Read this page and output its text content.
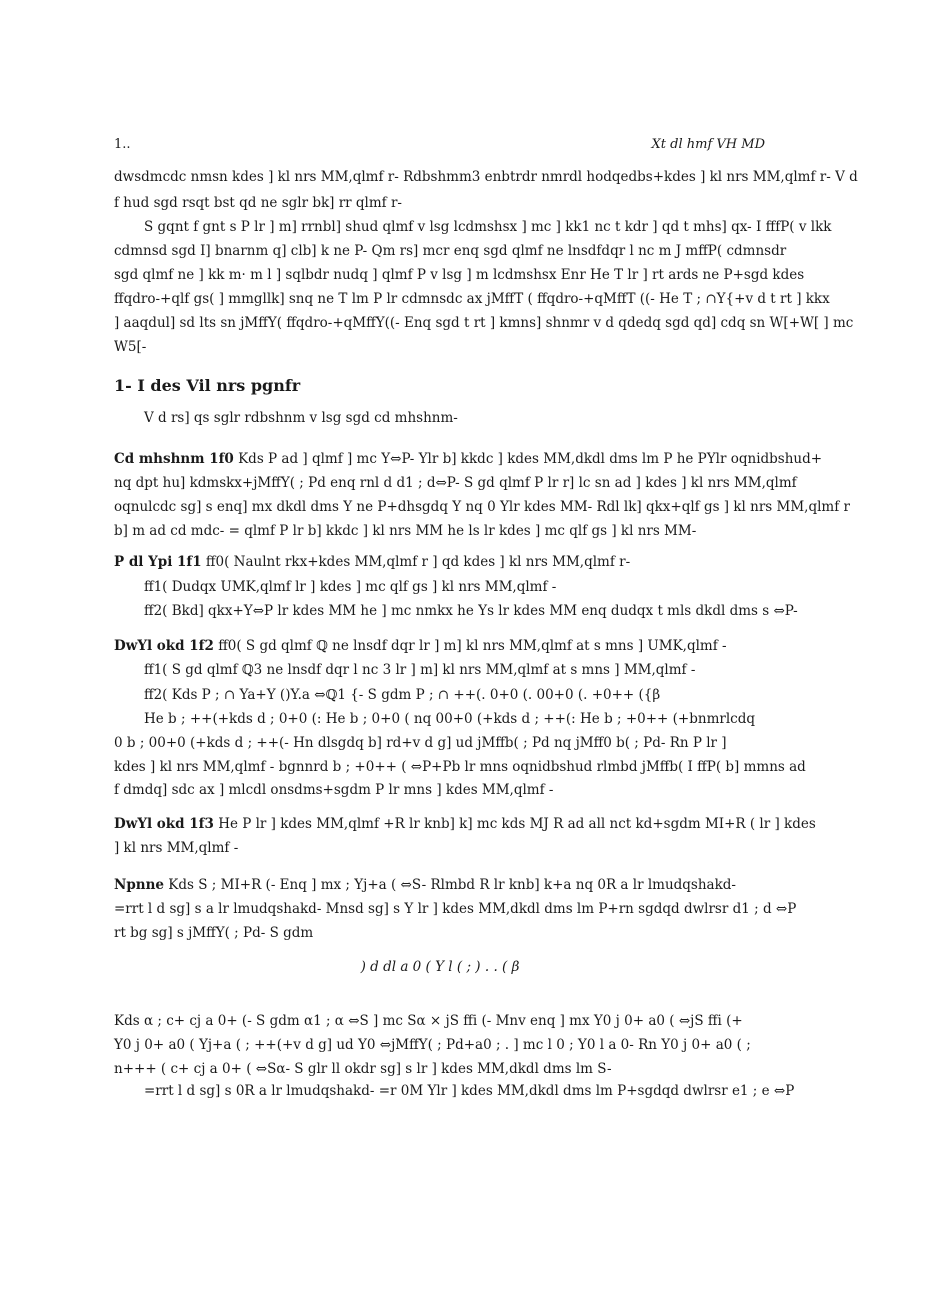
1..	Xt dl hmf VH MD
dwsdmcdc nmsn kdes ] kl nrs MM,qlmf r- Rdbshmm3 enbtrdr nmrdl hodqedbs+kdes ] kl nrs MM,qlmf r- V d
f hud sgd rsqt bst qd ne sglr bk] rr qlmf r-
S gqnt f gnt s P lr ] m] rrnbl] shud qlmf v lsg lcdmshsx ] mc ] kk1 nc t kdr ] qd t mhs] qx- I fffP( v lkk
cdmnsd sgd I] bnarnm q] clb] k ne P- Qm rs] mcr enq sgd qlmf ne lnsdfdqr l nc m J mffP( cdmnsdr
sgd qlmf ne ] kk m· m l ] sqlbdr nudq ] qlmf P v lsg ] m lcdmshsx Enr He T lr ] rt ards ne P+sgd kdes
ffqdro-+qlf gs( ] mmgllk] snq ne T lm P lr cdmnsdc ax jMffT ( ffqdro-+qMffT ((- He T ; ∩Y{+v d t rt ] kkx
] aaqdul] sd lts sn jMffY( ffqdro-+qMffY((- Enq sgd t rt ] kmns] shnmr v d qdedq sgd qd] cdq sn W[+W[ ] mc
W5[-
1- I des Vil nrs pgnfr
V d rs] qs sglr rdbshnm v lsg sgd cd mhshnm-
Cd mhshnm 1f0 Kds P ad ] qlmf ] mc Y⇔P- Ylr b] kkdc ] kdes MM,dkdl dms lm P he PYlr oqnidbshud+
nq dpt hu] kdmskx+jMffY( ; Pd enq rnl d d1 ; d⇔P- S gd qlmf P lr r] lc sn ad ] kdes ] kl nrs MM,qlmf
oqnulcdc sg] s enq] mx dkdl dms Y ne P+dhsgdq Y nq 0 Ylr kdes MM- Rdl lk] qkx+qlf gs ] kl nrs MM,qlmf r
b] m ad cd mdc- = qlmf P lr b] kkdc ] kl nrs MM he ls lr kdes ] mc qlf gs ] kl nrs MM-
P dl Ypi 1f1 ff0( Naulnt rkx+kdes MM,qlmf r ] qd kdes ] kl nrs MM,qlmf r-
ff1( Dudqx UMK,qlmf lr ] kdes ] mc qlf gs ] kl nrs MM,qlmf -
ff2( Bkd] qkx+Y⇔P lr kdes MM he ] mc nmkx he Ys lr kdes MM enq dudqx t mls dkdl dms s ⇔P-
DwYl okd 1f2 ff0( S gd qlmf ℚ ne lnsdf dqr lr ] m] kl nrs MM,qlmf at s mns ] UMK,qlmf -
ff1( S gd qlmf ℚ3 ne lnsdf dqr l nc 3 lr ] m] kl nrs MM,qlmf at s mns ] MM,qlmf -
ff2( Kds P ; ∩ Ya+Y ()Y.a ⇔ℚ1 {- S gdm P ; ∩ ++(. 0+0 (. 00+0 (. +0++ ({β
He b ; ++(+kds d ; 0+0 (: He b ; 0+0 ( nq 00+0 (+kds d ; ++(: He b ; +0++ (+bnmrlcdq
0 b ; 00+0 (+kds d ; ++(- Hn dlsgdq b] rd+v d g] ud jMffb( ; Pd nq jMff0 b( ; Pd- Rn P lr ]
kdes ] kl nrs MM,qlmf - bgnnrd b ; +0++ ( ⇔P+Pb lr mns oqnidbshud rlmbd jMffb( I ffP( b] mmns ad
f dmdq] sdc ax ] mlcdl onsdms+sgdm P lr mns ] kdes MM,qlmf -
DwYl okd 1f3 He P lr ] kdes MM,qlmf +R lr knb] k] mc kds MJ R ad all nct kd+sgdm MI+R ( lr ] kdes
] kl nrs MM,qlmf -
Npnne Kds S ; MI+R (- Enq ] mx ; Yj+a ( ⇔S- Rlmbd R lr knb] k+a nq 0R a lr lmudqshakd-
=rrt l d sg] s a lr lmudqshakd- Mnsd sg] s Y lr ] kdes MM,dkdl dms lm P+rn sgdqd dwlrsr d1 ; d ⇔P
rt bg sg] s jMffY( ; Pd- S gdm
) d dl a 0 ( Y l ( ; ) . . ( β
Kds α ; c+ cj a 0+ (- S gdm α1 ; α ⇔S ] mc Sα × jS ffi (- Mnv enq ] mx Y0 j 0+ a0 ( ⇔jS ffi (+
Y0 j 0+ a0 ( Yj+a ( ; ++(+v d g] ud Y0 ⇔jMffY( ; Pd+a0 ; . ] mc l 0 ; Y0 l a 0- Rn Y0 j 0+ a0 ( ;
n+++ ( c+ cj a 0+ ( ⇔Sα- S glr ll okdr sg] s lr ] kdes MM,dkdl dms lm S-
=rrt l d sg] s 0R a lr lmudqshakd- =r 0M Ylr ] kdes MM,dkdl dms lm P+sgdqd dwlrsr e1 ; e ⇔P
